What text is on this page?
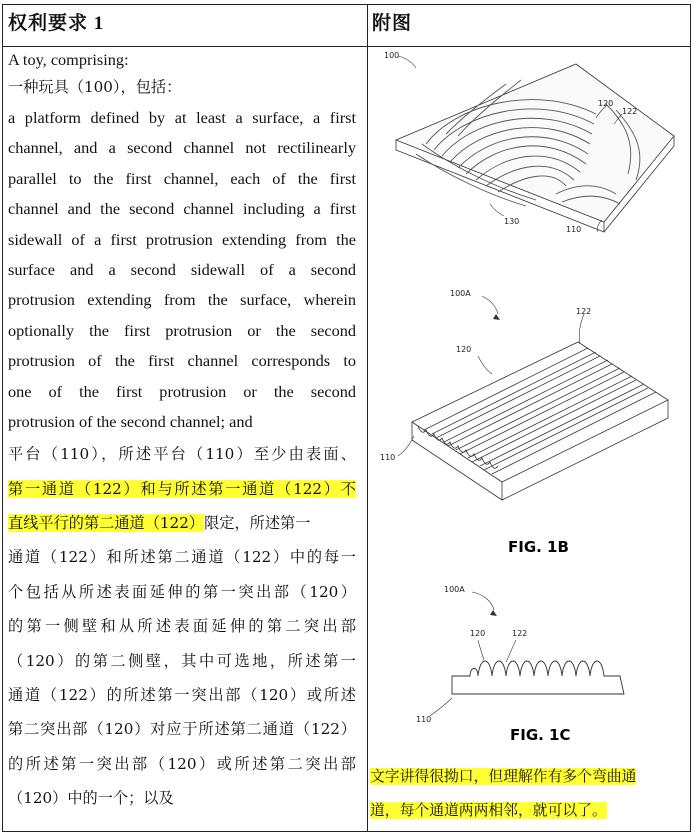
权利要求 1	附图
A toy, comprising:
一种玩具（100），包括：
a platform defined by at least a surface, a first
channel, and a second channel not rectilinearly
parallel to the first channel, each of the first
channel and the second channel including a first
sidewall of a first protrusion extending from the
surface and a second sidewall of a second
protrusion extending from the surface, wherein
optionally the first protrusion or the second
protrusion of the first channel corresponds to
one of the first protrusion or the second
protrusion of the second channel; and
平台（110），所述平台（110）至少由表面、
第一通道（122）和与所述第一通道（122）不
直线平行的第二通道（122）限定，所述第一
通道（122）和所述第二通道（122）中的每一
个包括从所述表面延伸的第一突出部（120）
的第一侧壁和从所述表面延伸的第二突出部
（120）的第二侧壁，其中可选地，所述第一
通道（122）的所述第一突出部（120）或所述
第二突出部（120）对应于所述第二通道（122）
的所述第一突出部（120）或所述第二突出部
（120）中的一个；以及
100
120
122
130
110
100A
122
120
110
FIG. 1B
100A
120	122
110
FIG. 1C
文字讲得很拗口，但理解作有多个弯曲通
道，每个通道两两相邻，就可以了。
